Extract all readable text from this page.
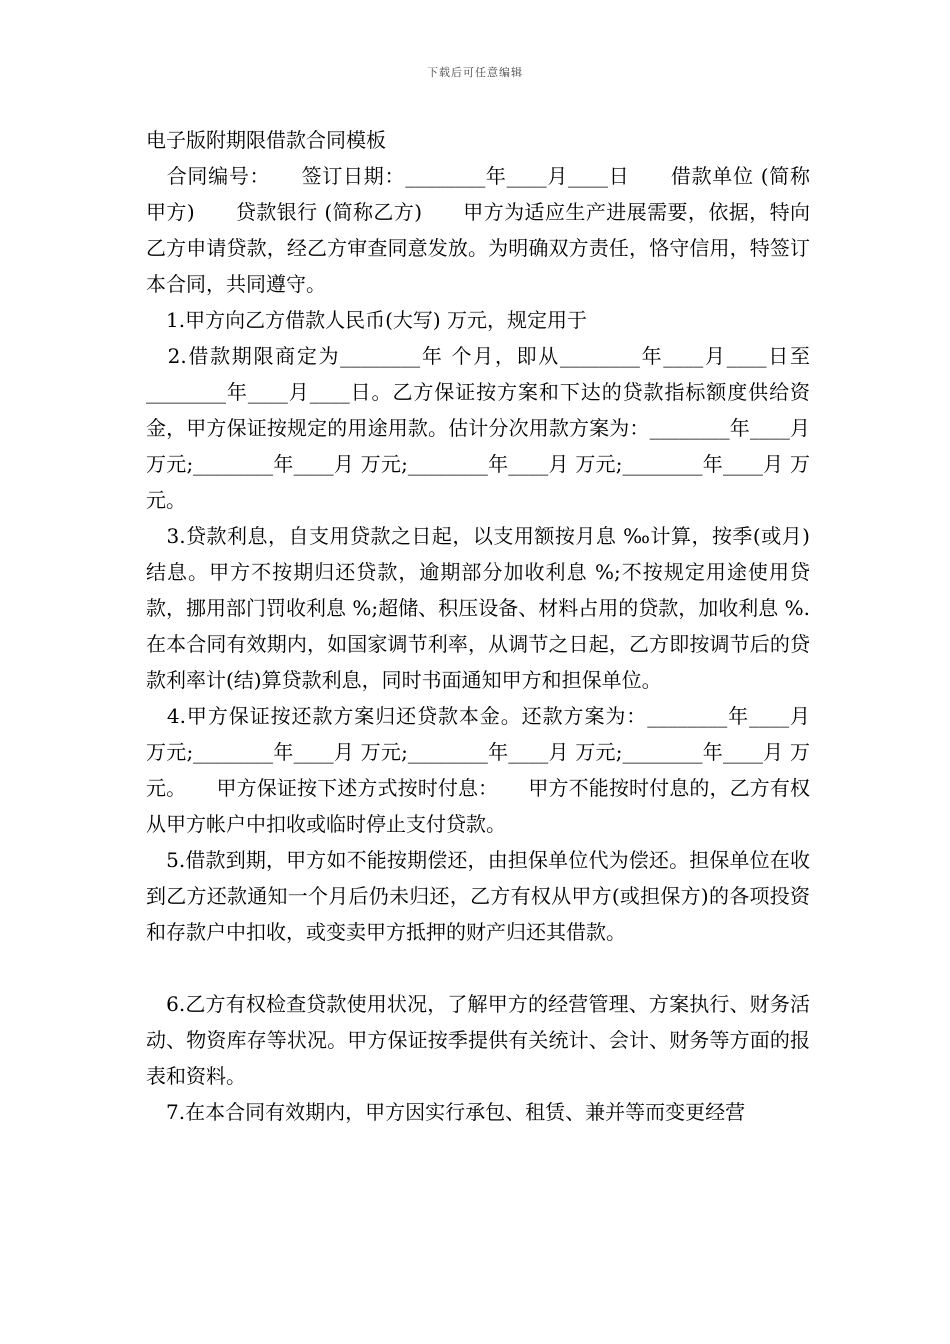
下载后可任意编辑

电子版附期限借款合同模板

　合同编号：　　签订日期：________年____月____日　　借款单位 (简称甲方)　　贷款银行 (简称乙方)　　甲方为适应生产进展需要，依据，特向乙方申请贷款，经乙方审查同意发放。为明确双方责任，恪守信用，特签订本合同，共同遵守。

　1.甲方向乙方借款人民币(大写) 万元，规定用于

　2.借款期限商定为________年 个月，即从________年____月____日至________年____月____日。乙方保证按方案和下达的贷款指标额度供给资金，甲方保证按规定的用途用款。估计分次用款方案为：________年____月 万元;________年____月 万元;________年____月 万元;________年____月 万元。

　3.贷款利息，自支用贷款之日起，以支用额按月息 ‰计算，按季(或月)结息。甲方不按期归还贷款，逾期部分加收利息 %;不按规定用途使用贷款，挪用部门罚收利息 %;超储、积压设备、材料占用的贷款，加收利息 %.　　在本合同有效期内，如国家调节利率，从调节之日起，乙方即按调节后的贷款利率计(结)算贷款利息，同时书面通知甲方和担保单位。

　4.甲方保证按还款方案归还贷款本金。还款方案为：________年____月 万元;________年____月 万元;________年____月 万元;________年____月 万元。　　甲方保证按下述方式按时付息：　　甲方不能按时付息的，乙方有权从甲方帐户中扣收或临时停止支付贷款。

　5.借款到期，甲方如不能按期偿还，由担保单位代为偿还。担保单位在收到乙方还款通知一个月后仍未归还，乙方有权从甲方(或担保方)的各项投资和存款户中扣收，或变卖甲方抵押的财产归还其借款。

　6.乙方有权检查贷款使用状况，了解甲方的经营管理、方案执行、财务活动、物资库存等状况。甲方保证按季提供有关统计、会计、财务等方面的报表和资料。

　7.在本合同有效期内，甲方因实行承包、租赁、兼并等而变更经营
